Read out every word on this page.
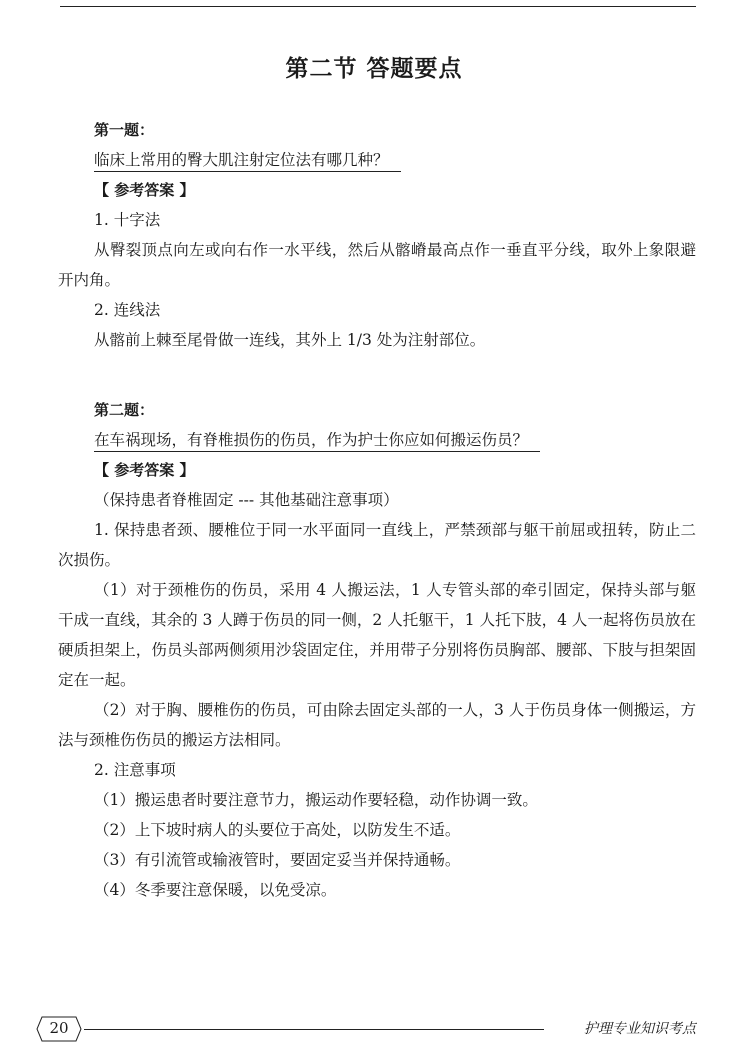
第二节 答题要点
第一题：
临床上常用的臀大肌注射定位法有哪几种？
【 参考答案 】

1. 十字法

从臀裂顶点向左或向右作一水平线，然后从髂嵴最高点作一垂直平分线，取外上象限避开内角。

2. 连线法

从髂前上棘至尾骨做一连线，其外上 1/3 处为注射部位。

第二题：
在车祸现场，有脊椎损伤的伤员，作为护士你应如何搬运伤员？
【 参考答案 】

（保持患者脊椎固定 --- 其他基础注意事项）

1. 保持患者颈、腰椎位于同一水平面同一直线上，严禁颈部与躯干前屈或扭转，防止二次损伤。

（1）对于颈椎伤的伤员，采用 4 人搬运法，1 人专管头部的牵引固定，保持头部与躯干成一直线，其余的 3 人蹲于伤员的同一侧，2 人托躯干，1 人托下肢，4 人一起将伤员放在硬质担架上，伤员头部两侧须用沙袋固定住，并用带子分别将伤员胸部、腰部、下肢与担架固定在一起。

（2）对于胸、腰椎伤的伤员，可由除去固定头部的一人，3 人于伤员身体一侧搬运，方法与颈椎伤伤员的搬运方法相同。

2. 注意事项

（1）搬运患者时要注意节力，搬运动作要轻稳，动作协调一致。

（2）上下坡时病人的头要位于高处，以防发生不适。

（3）有引流管或输液管时，要固定妥当并保持通畅。

（4）冬季要注意保暖，以免受凉。

20	护理专业知识考点
